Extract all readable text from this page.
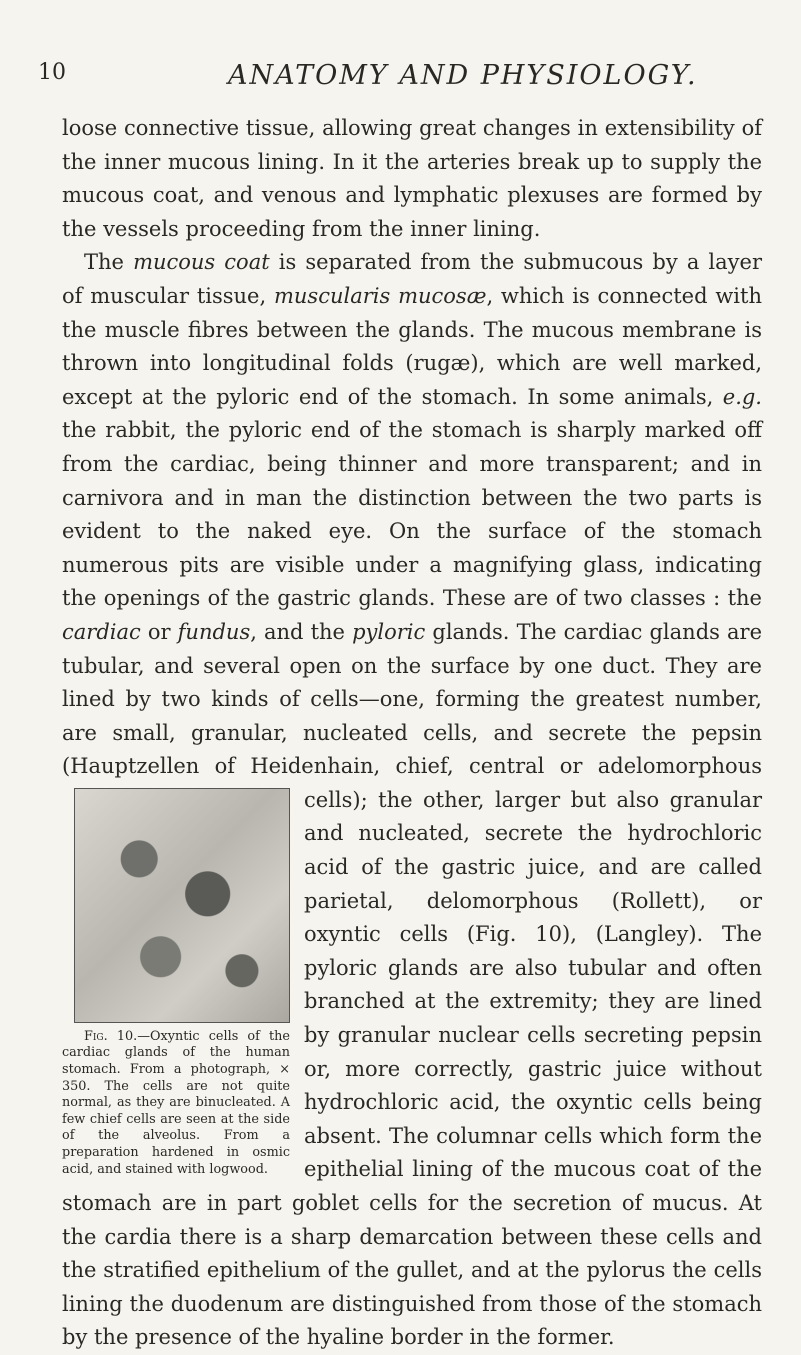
10	ANATOMY AND PHYSIOLOGY.

loose connective tissue, allowing great changes in extensibility of the inner mucous lining. In it the arteries break up to supply the mucous coat, and venous and lymphatic plexuses are formed by the vessels proceeding from the inner lining.

The mucous coat is separated from the submucous by a layer of muscular tissue, muscularis mucosæ, which is connected with the muscle fibres between the glands. The mucous membrane is thrown into longitudinal folds (rugæ), which are well marked, except at the pyloric end of the stomach. In some animals, e.g. the rabbit, the pyloric end of the stomach is sharply marked off from the cardiac, being thinner and more transparent; and in carnivora and in man the distinction between the two parts is evident to the naked eye. On the surface of the stomach numerous pits are visible under a magnifying glass, indicating the openings of the gastric glands. These are of two classes : the cardiac or fundus, and the pyloric glands. The cardiac glands are tubular, and several open on the surface by one duct. They are lined by two kinds of cells—one, forming the greatest number, are small, granular, nucleated cells, and secrete the pepsin (Hauptzellen of Heidenhain, chief, central or
Fig. 10.—Oxyntic cells of the cardiac glands of the human stomach. From a photograph, × 350. The cells are not quite normal, as they are binucleated. A few chief cells are seen at the side of the alveolus. From a preparation hardened in osmic acid, and stained with logwood.
adelomorphous cells); the other, larger but also granular and nucleated, secrete the hydrochloric acid of the gastric juice, and are called parietal, delomorphous (Rollett), or oxyntic cells (Fig. 10), (Langley). The pyloric glands are also tubular and often branched at the extremity; they are lined by granular nuclear cells secreting pepsin or, more correctly, gastric juice without hydrochloric acid, the oxyntic cells being absent. The columnar cells which form the epithelial lining of the mucous coat of the stomach are in part goblet cells for the secretion of mucus. At the cardia there is a sharp demarcation between these cells and the stratified epithelium of the gullet, and at the pylorus the cells lining the duodenum are distinguished from those of the stomach by the presence of the hyaline border in the former.
